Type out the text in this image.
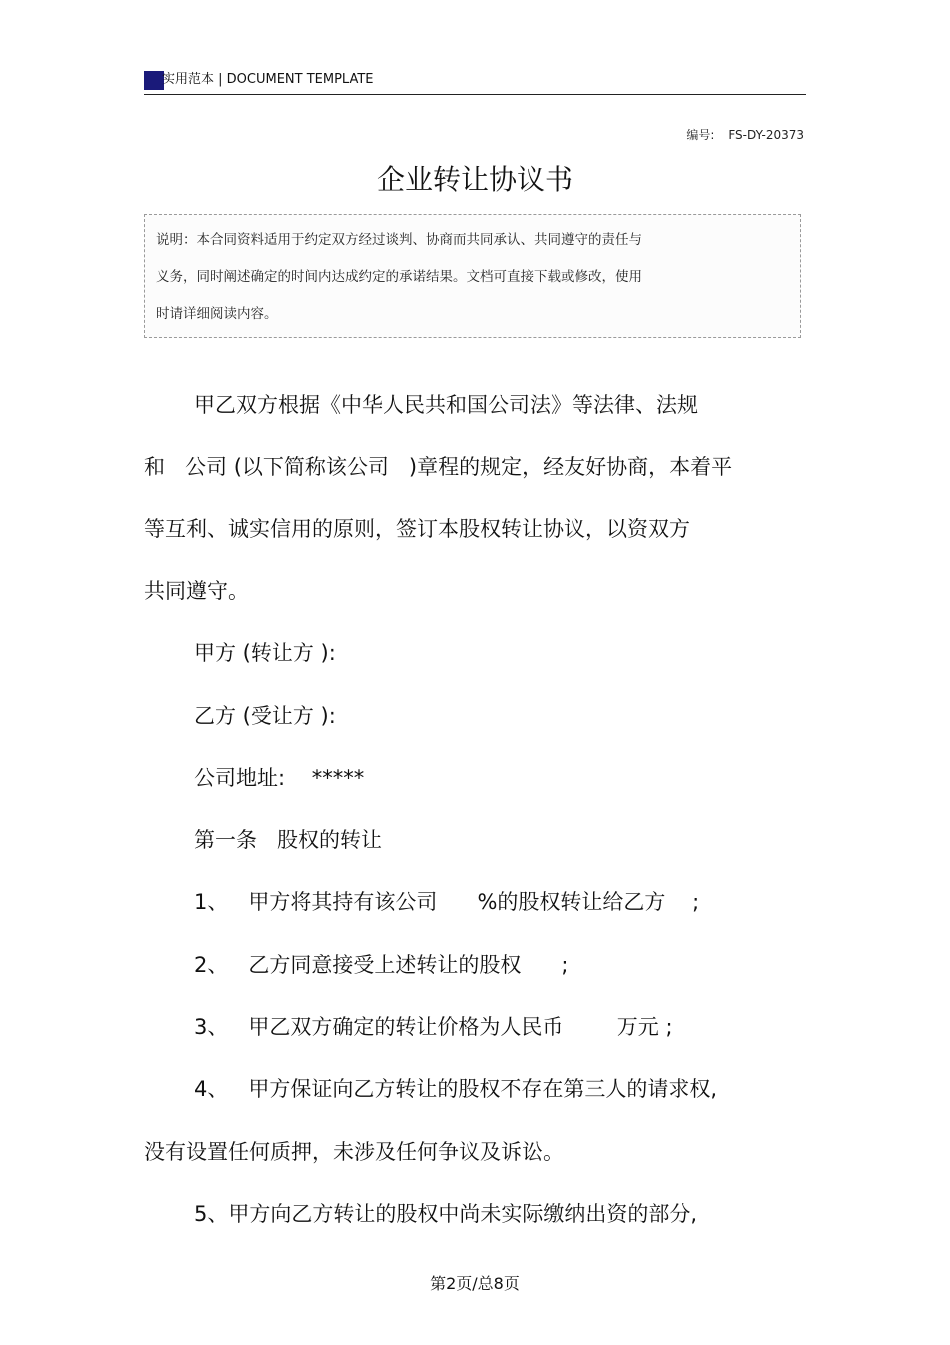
实用范本 | DOCUMENT TEMPLATE
编号: FS-DY-20373
企业转让协议书
说明：本合同资料适用于约定双方经过谈判、协商而共同承认、共同遵守的责任与
义务，同时阐述确定的时间内达成约定的承诺结果。文档可直接下载或修改，使用
时请详细阅读内容。
甲乙双方根据《中华人民共和国公司法》等法律、法规
和   公司 (以下简称该公司   )章程的规定，经友好协商，本着平
等互利、诚实信用的原则，签订本股权转让协议，以资双方
共同遵守。
甲方 (转让方 ):
乙方 (受让方 ):
公司地址:    *****
第一条   股权的转让
1、   甲方将其持有该公司      %的股权转让给乙方    ;
2、   乙方同意接受上述转让的股权      ;
3、   甲乙双方确定的转让价格为人民币        万元 ;
4、   甲方保证向乙方转让的股权不存在第三人的请求权,
没有设置任何质押，未涉及任何争议及诉讼。
5、甲方向乙方转让的股权中尚未实际缴纳出资的部分,
第2页/总8页
